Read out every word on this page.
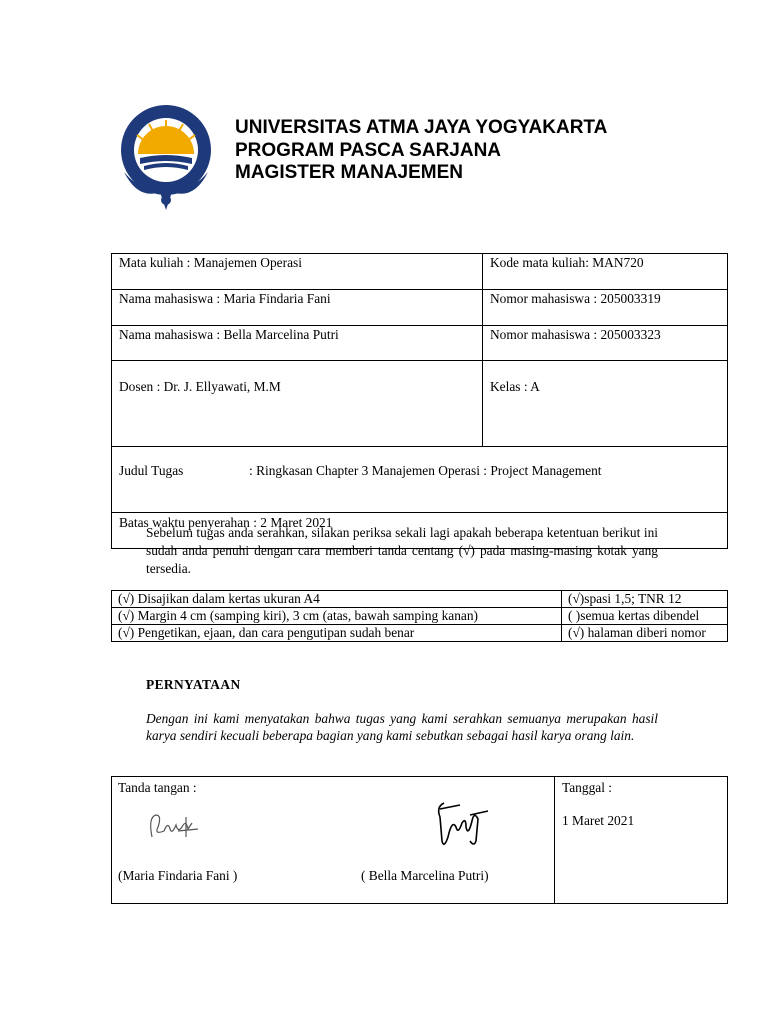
UNIVERSITAS ATMA JAYA YOGYAKARTA
PROGRAM PASCA SARJANA
MAGISTER MANAJEMEN
Mata kuliah : Manajemen Operasi	Kode mata kuliah: MAN720
Nama mahasiswa : Maria Findaria Fani	Nomor mahasiswa : 205003319
Nama mahasiswa : Bella Marcelina Putri	Nomor mahasiswa : 205003323
Dosen : Dr. J. Ellyawati, M.M	Kelas : A
Judul Tugas : Ringkasan Chapter 3 Manajemen Operasi : Project Management	
Batas waktu penyerahan : 2 Maret 2021	
Sebelum tugas anda serahkan, silakan periksa sekali lagi apakah beberapa ketentuan berikut ini sudah anda penuhi dengan cara memberi tanda centang (√) pada masing-masing kotak yang tersedia.
(√) Disajikan dalam kertas ukuran A4	(√)spasi 1,5; TNR 12
(√) Margin 4 cm (samping kiri), 3 cm (atas, bawah samping kanan)	( )semua kertas dibendel
(√) Pengetikan, ejaan, dan cara pengutipan sudah benar	(√) halaman diberi nomor
PERNYATAAN
Dengan ini kami menyatakan bahwa tugas yang kami serahkan semuanya merupakan hasil karya sendiri kecuali beberapa bagian yang kami sebutkan sebagai hasil karya orang lain.
Tanda tangan :
(Maria Findaria Fani )	( Bella Marcelina Putri)

Tanggal :
1 Maret 2021
